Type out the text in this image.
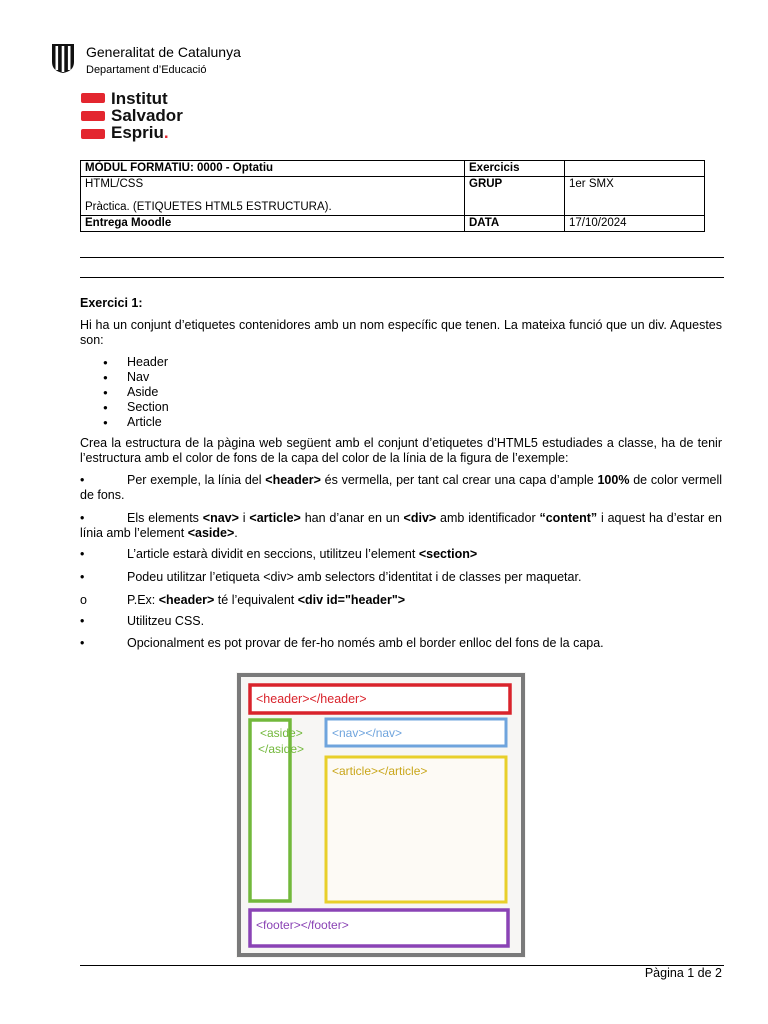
Generalitat de Catalunya
Departament d’Educació
Institut
Salvador
Espriu.
MÒDUL FORMATIU: 0000 - Optatiu	Exercicis	

HTML/CSS
Pràctica. (ETIQUETES HTML5 ESTRUCTURA).	GRUP	1er SMX
Entrega Moodle	DATA	17/10/2024
Exercici 1:
Hi ha un conjunt d’etiquetes contenidores amb un nom específic que tenen. La mateixa funció que un div. Aquestes son:
● Header
● Nav
● Aside
● Section
● Article
Crea la estructura de la pàgina web següent amb el conjunt d’etiquetes d’HTML5 estudiades a classe, ha de tenir l’estructura amb el color de fons de la capa del color de la línia de la figura de l’exemple:
•	Per exemple, la línia del <header> és vermella, per tant cal crear una capa d’ample 100% de color vermell de fons.
•	Els elements <nav> i <article> han d’anar en un <div> amb identificador “content” i aquest ha d’estar en línia amb l’element <aside>.
•	L’article estarà dividit en seccions, utilitzeu l’element <section>
•	Podeu utilitzar l’etiqueta <div> amb selectors d’identitat i de classes per maquetar.
o	P.Ex: <header> té l’equivalent <div id="header">
•	Utilitzeu CSS.
•	Opcionalment es pot provar de fer-ho només amb el border enlloc del fons de la capa.
<header></header>
<aside>
</aside>
<nav></nav>
<article></article>
<footer></footer>
Pàgina 1 de 2
